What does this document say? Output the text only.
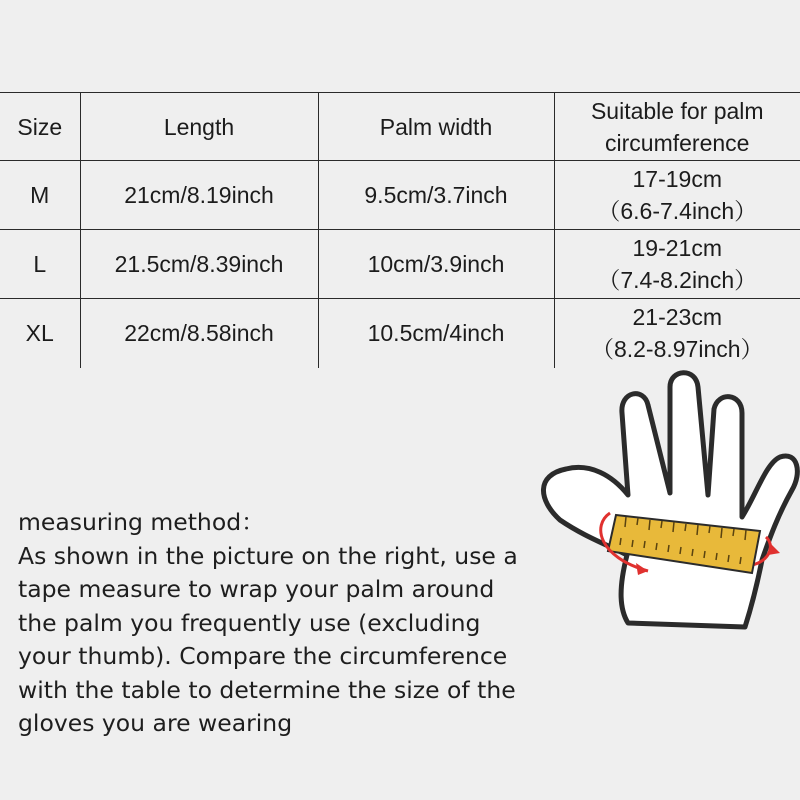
Size	Length	Palm width	Suitable for palm
circumference

M	21cm/8.19inch	9.5cm/3.7inch	17-19cm
（6.6-7.4inch）

L	21.5cm/8.39inch	10cm/3.9inch	19-21cm
（7.4-8.2inch）

XL	22cm/8.58inch	10.5cm/4inch	21-23cm
（8.2-8.97inch）

measuring method：

As shown in the picture on the right, use a tape measure to wrap your palm around the palm you frequently use (excluding your thumb). Compare the circumference with the table to determine the size of the gloves you are wearing
